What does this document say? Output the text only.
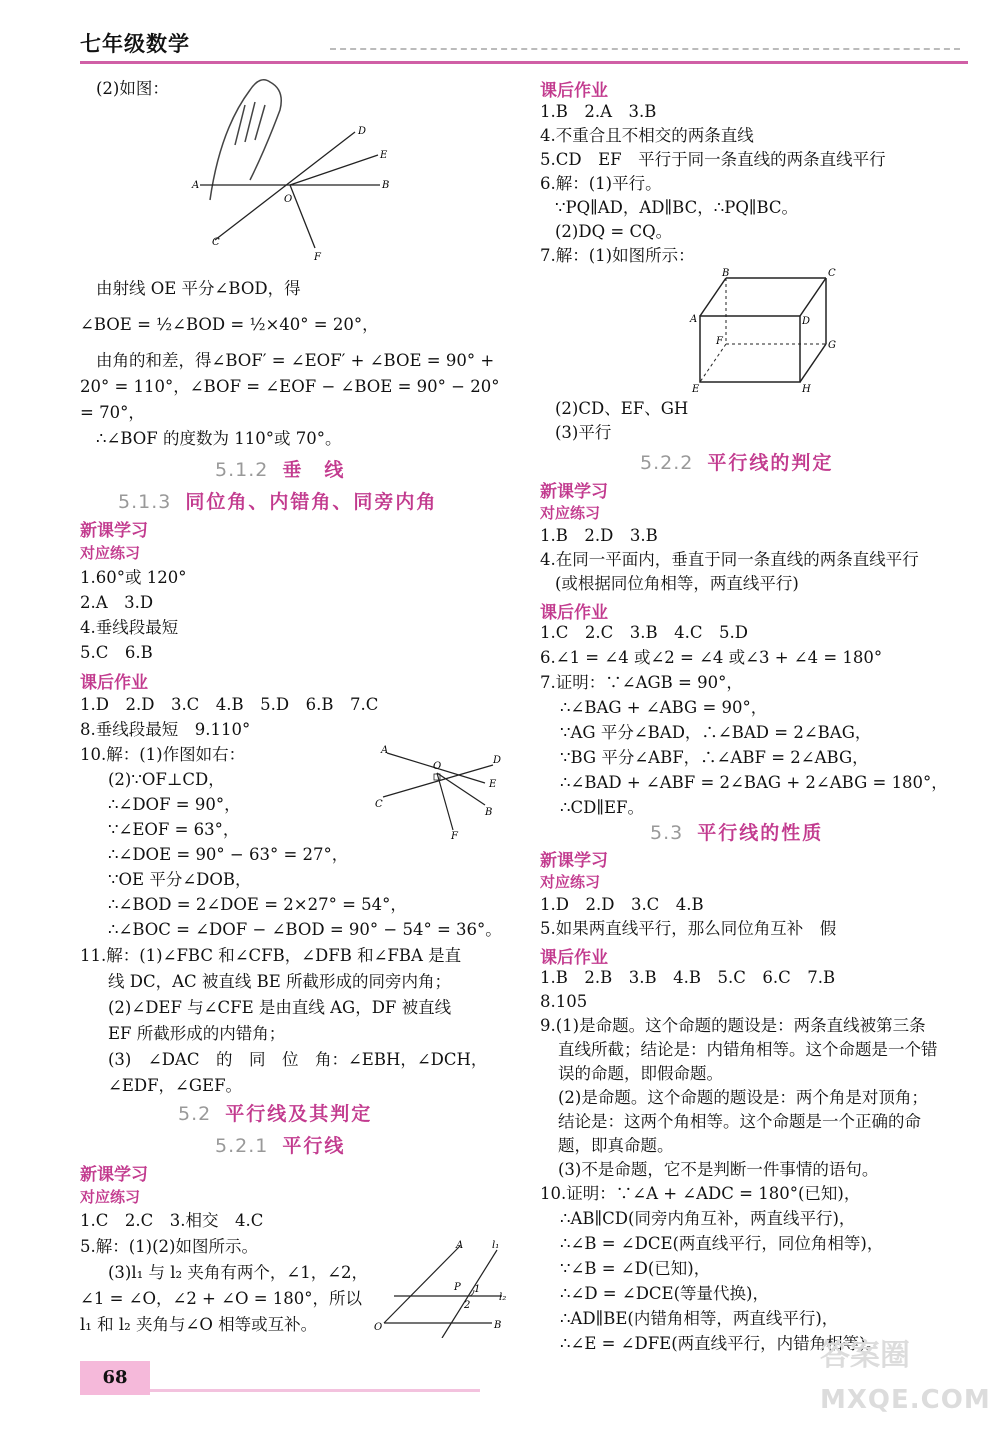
七年级数学
(2)如图：
A
O
B
C
D
E
F
由射线 OE 平分∠BOD，得
∠BOE = ½∠BOD = ½×40° = 20°，
由角的和差，得∠BOF′ = ∠EOF′ + ∠BOE = 90° +
20° = 110°，∠BOF = ∠EOF − ∠BOE = 90° − 20°
= 70°，
∴∠BOF 的度数为 110°或 70°。
5.1.2 垂　线
5.1.3 同位角、内错角、同旁内角
新课学习
对应练习
1.60°或 120°
2.A　3.D
4.垂线段最短
5.C　6.B
课后作业
1.D　2.D　3.C　4.B　5.D　6.B　7.C
8.垂线段最短　9.110°
10.解：(1)作图如右：
(2)∵OF⊥CD，
∴∠DOF = 90°，
∵∠EOF = 63°，
∴∠DOE = 90° − 63° = 27°，
∵OE 平分∠DOB，
∴∠BOD = 2∠DOE = 2×27° = 54°，
∴∠BOC = ∠DOF − ∠BOD = 90° − 54° = 36°。
A
D
O
E
B
C
F
11.解：(1)∠FBC 和∠CFB，∠DFB 和∠FBA 是直
线 DC，AC 被直线 BE 所截形成的同旁内角；
(2)∠DEF 与∠CFE 是由直线 AG，DF 被直线
EF 所截形成的内错角；
(3)　∠DAC　的　同　位　角：∠EBH，∠DCH，
∠EDF，∠GEF。
5.2 平行线及其判定
5.2.1 平行线
新课学习
对应练习
1.C　2.C　3.相交　4.C
5.解：(1)(2)如图所示。
(3)l₁ 与 l₂ 夹角有两个，∠1，∠2，
∠1 = ∠O，∠2 + ∠O = 180°，所以
l₁ 和 l₂ 夹角与∠O 相等或互补。
A	l₁
P 1
l₂
2
O	B
课后作业
1.B　2.A　3.B
4.不重合且不相交的两条直线
5.CD　EF　平行于同一条直线的两条直线平行
6.解：(1)平行。
∵PQ∥AD，AD∥BC，∴PQ∥BC。
(2)DQ = CQ。
7.解：(1)如图所示：
B	C
A	D
F	G
E	H
(2)CD、EF、GH
(3)平行
5.2.2 平行线的判定
新课学习
对应练习
1.B　2.D　3.B
4.在同一平面内，垂直于同一条直线的两条直线平行
(或根据同位角相等，两直线平行)
课后作业
1.C　2.C　3.B　4.C　5.D
6.∠1 = ∠4 或∠2 = ∠4 或∠3 + ∠4 = 180°
7.证明：∵∠AGB = 90°，
∴∠BAG + ∠ABG = 90°，
∵AG 平分∠BAD，∴∠BAD = 2∠BAG，
∵BG 平分∠ABF，∴∠ABF = 2∠ABG，
∴∠BAD + ∠ABF = 2∠BAG + 2∠ABG = 180°，
∴CD∥EF。
5.3 平行线的性质
新课学习
对应练习
1.D　2.D　3.C　4.B
5.如果两直线平行，那么同位角互补　假
课后作业
1.B　2.B　3.B　4.B　5.C　6.C　7.B
8.105
9.(1)是命题。这个命题的题设是：两条直线被第三条
直线所截；结论是：内错角相等。这个命题是一个错
误的命题，即假命题。
(2)是命题。这个命题的题设是：两个角是对顶角；
结论是：这两个角相等。这个命题是一个正确的命
题，即真命题。
(3)不是命题，它不是判断一件事情的语句。
10.证明：∵∠A + ∠ADC = 180°(已知)，
∴AB∥CD(同旁内角互补，两直线平行)，
∴∠B = ∠DCE(两直线平行，同位角相等)，
∵∠B = ∠D(已知)，
∴∠D = ∠DCE(等量代换)，
∴AD∥BE(内错角相等，两直线平行)，
∴∠E = ∠DFE(两直线平行，内错角相等)。
68
答案圈
MXQE.COM
